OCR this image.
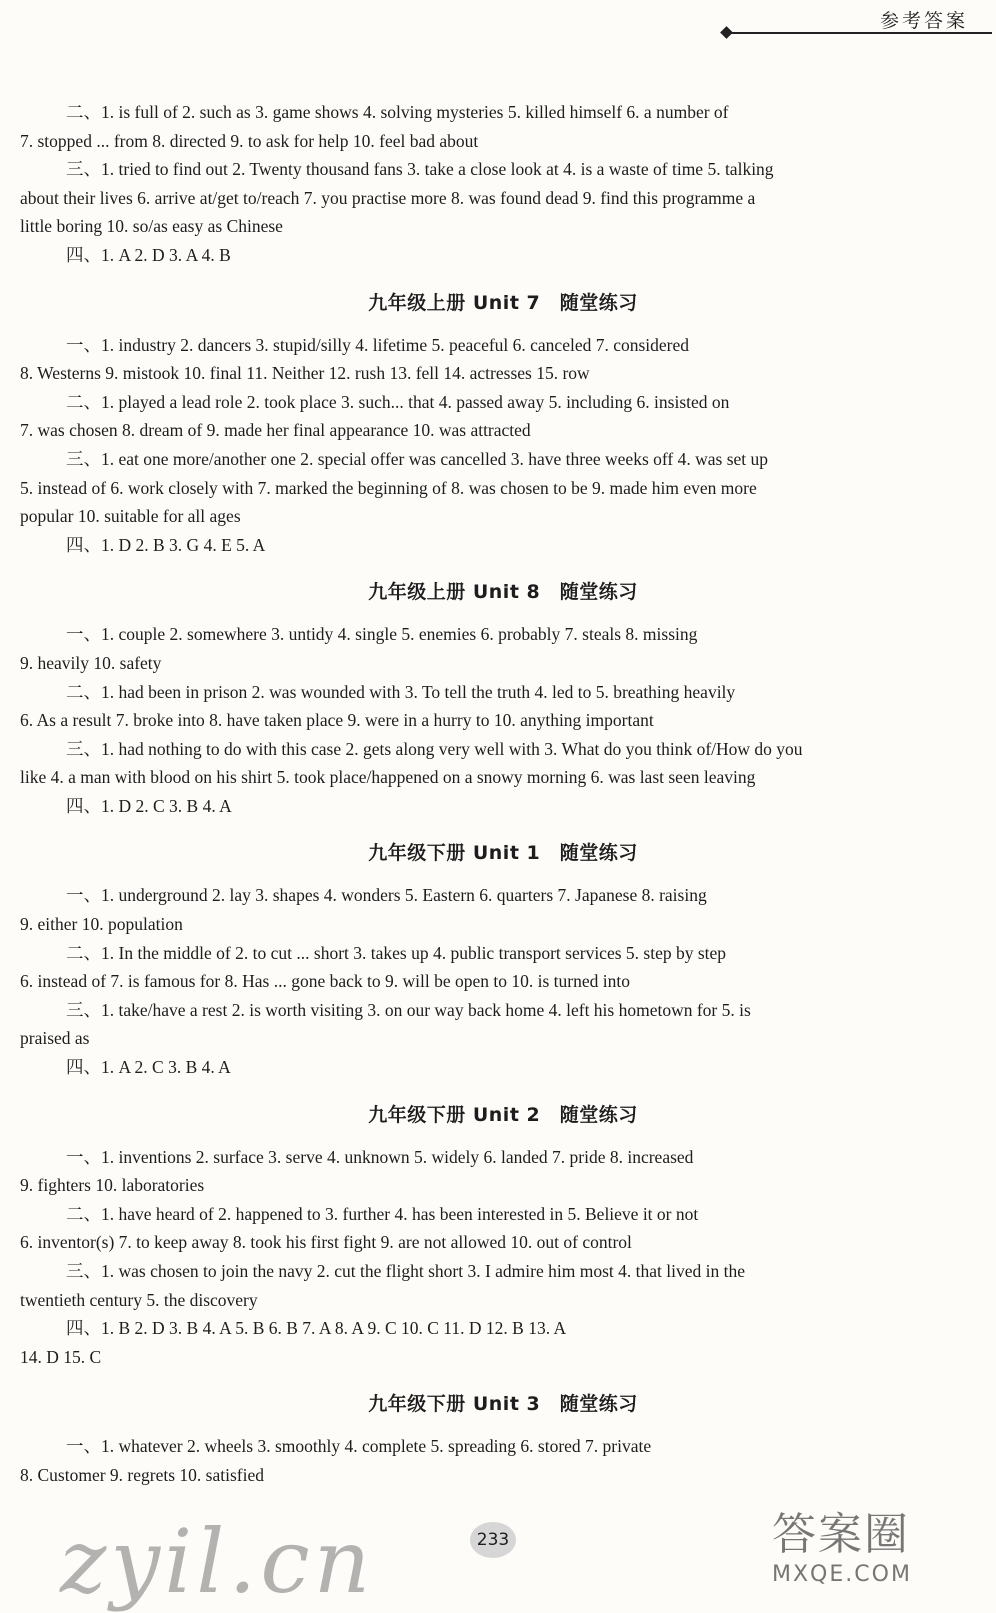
参考答案

二、1. is full of 2. such as 3. game shows 4. solving mysteries 5. killed himself 6. a number of

7. stopped ... from 8. directed 9. to ask for help 10. feel bad about

三、1. tried to find out 2. Twenty thousand fans 3. take a close look at 4. is a waste of time 5. talking

about their lives 6. arrive at/get to/reach 7. you practise more 8. was found dead 9. find this programme a

little boring 10. so/as easy as Chinese

四、1. A 2. D 3. A 4. B

九年级上册 Unit 7　随堂练习

一、1. industry 2. dancers 3. stupid/silly 4. lifetime 5. peaceful 6. canceled 7. considered

8. Westerns 9. mistook 10. final 11. Neither 12. rush 13. fell 14. actresses 15. row

二、1. played a lead role 2. took place 3. such... that 4. passed away 5. including 6. insisted on

7. was chosen 8. dream of 9. made her final appearance 10. was attracted

三、1. eat one more/another one 2. special offer was cancelled 3. have three weeks off 4. was set up

5. instead of 6. work closely with 7. marked the beginning of 8. was chosen to be 9. made him even more

popular 10. suitable for all ages

四、1. D 2. B 3. G 4. E 5. A

九年级上册 Unit 8　随堂练习

一、1. couple 2. somewhere 3. untidy 4. single 5. enemies 6. probably 7. steals 8. missing

9. heavily 10. safety

二、1. had been in prison 2. was wounded with 3. To tell the truth 4. led to 5. breathing heavily

6. As a result 7. broke into 8. have taken place 9. were in a hurry to 10. anything important

三、1. had nothing to do with this case 2. gets along very well with 3. What do you think of/How do you

like 4. a man with blood on his shirt 5. took place/happened on a snowy morning 6. was last seen leaving

四、1. D 2. C 3. B 4. A

九年级下册 Unit 1　随堂练习

一、1. underground 2. lay 3. shapes 4. wonders 5. Eastern 6. quarters 7. Japanese 8. raising

9. either 10. population

二、1. In the middle of 2. to cut ... short 3. takes up 4. public transport services 5. step by step

6. instead of 7. is famous for 8. Has ... gone back to 9. will be open to 10. is turned into

三、1. take/have a rest 2. is worth visiting 3. on our way back home 4. left his hometown for 5. is

praised as

四、1. A 2. C 3. B 4. A

九年级下册 Unit 2　随堂练习

一、1. inventions 2. surface 3. serve 4. unknown 5. widely 6. landed 7. pride 8. increased

9. fighters 10. laboratories

二、1. have heard of 2. happened to 3. further 4. has been interested in 5. Believe it or not

6. inventor(s) 7. to keep away 8. took his first fight 9. are not allowed 10. out of control

三、1. was chosen to join the navy 2. cut the flight short 3. I admire him most 4. that lived in the

twentieth century 5. the discovery

四、1. B 2. D 3. B 4. A 5. B 6. B 7. A 8. A 9. C 10. C 11. D 12. B 13. A

14. D 15. C

九年级下册 Unit 3　随堂练习

一、1. whatever 2. wheels 3. smoothly 4. complete 5. spreading 6. stored 7. private

8. Customer 9. regrets 10. satisfied

zyil.cn	233	答案圈
MXQE.COM
